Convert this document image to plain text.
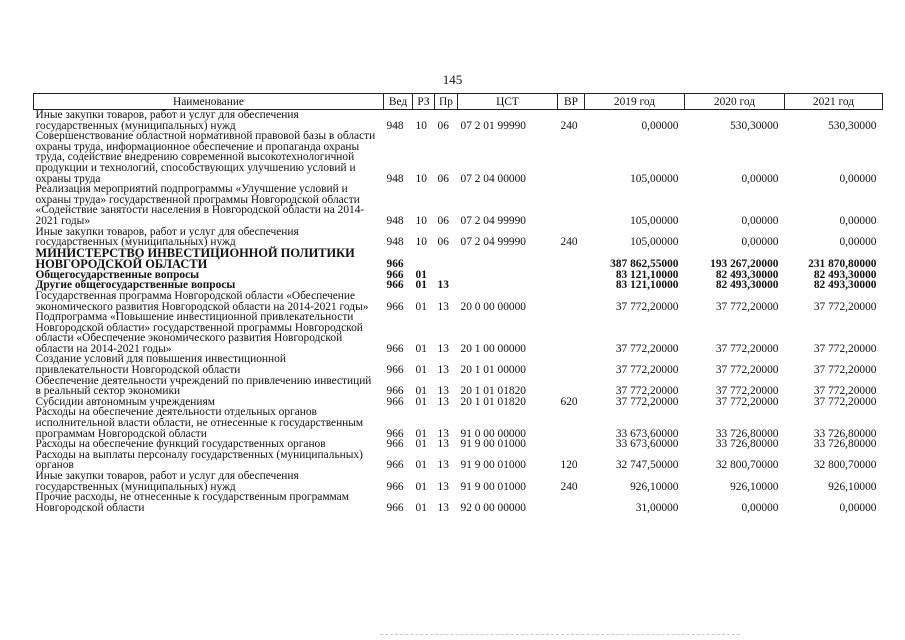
145
Наименование	Вед	РЗ	Пр	ЦСТ	ВР	2019 год	2020 год	2021 год
Иные закупки товаров, работ и услуг для обеспечения государственных (муниципальных) нужд	948	10	06	07 2 01 99990	240	0,00000	530,30000	530,30000
Совершенствование областной нормативной правовой базы в области охраны труда, информационное обеспечение и пропаганда охраны труда, содействие внедрению современной высокотехнологичной продукции и технологий, способствующих улучшению условий и охраны труда	948	10	06	07 2 04 00000		105,00000	0,00000	0,00000
Реализация мероприятий подпрограммы «Улучшение условий и охраны труда» государственной программы Новгородской области «Содействие занятости населения в Новгородской области на 2014-2021 годы»	948	10	06	07 2 04 99990		105,00000	0,00000	0,00000
Иные закупки товаров, работ и услуг для обеспечения государственных (муниципальных) нужд	948	10	06	07 2 04 99990	240	105,00000	0,00000	0,00000
МИНИСТЕРСТВО ИНВЕСТИЦИОННОЙ ПОЛИТИКИ НОВГОРОДСКОЙ ОБЛАСТИ	966					387 862,55000	193 267,20000	231 870,80000
Общегосударственные вопросы	966	01				83 121,10000	82 493,30000	82 493,30000
Другие общегосударственные вопросы	966	01	13			83 121,10000	82 493,30000	82 493,30000
Государственная программа Новгородской области «Обеспечение экономического развития Новгородской области на 2014-2021 годы»	966	01	13	20 0 00 00000		37 772,20000	37 772,20000	37 772,20000
Подпрограмма «Повышение инвестиционной привлекательности Новгородской области» государственной программы Новгородской области «Обеспечение экономического развития Новгородской области на 2014-2021 годы»	966	01	13	20 1 00 00000		37 772,20000	37 772,20000	37 772,20000
Создание условий для повышения инвестиционной привлекательности Новгородской области	966	01	13	20 1 01 00000		37 772,20000	37 772,20000	37 772,20000
Обеспечение деятельности учреждений по привлечению инвестиций в реальный сектор экономики	966	01	13	20 1 01 01820		37 772,20000	37 772,20000	37 772,20000
Субсидии автономным учреждениям	966	01	13	20 1 01 01820	620	37 772,20000	37 772,20000	37 772,20000
Расходы на обеспечение деятельности отдельных органов исполнительной власти области, не отнесенные к государственным программам Новгородской области	966	01	13	91 0 00 00000		33 673,60000	33 726,80000	33 726,80000
Расходы на обеспечение функций государственных органов	966	01	13	91 9 00 01000		33 673,60000	33 726,80000	33 726,80000
Расходы на выплаты персоналу государственных (муниципальных) органов	966	01	13	91 9 00 01000	120	32 747,50000	32 800,70000	32 800,70000
Иные закупки товаров, работ и услуг для обеспечения государственных (муниципальных) нужд	966	01	13	91 9 00 01000	240	926,10000	926,10000	926,10000
Прочие расходы, не отнесенные к государственным программам Новгородской области	966	01	13	92 0 00 00000		31,00000	0,00000	0,00000
